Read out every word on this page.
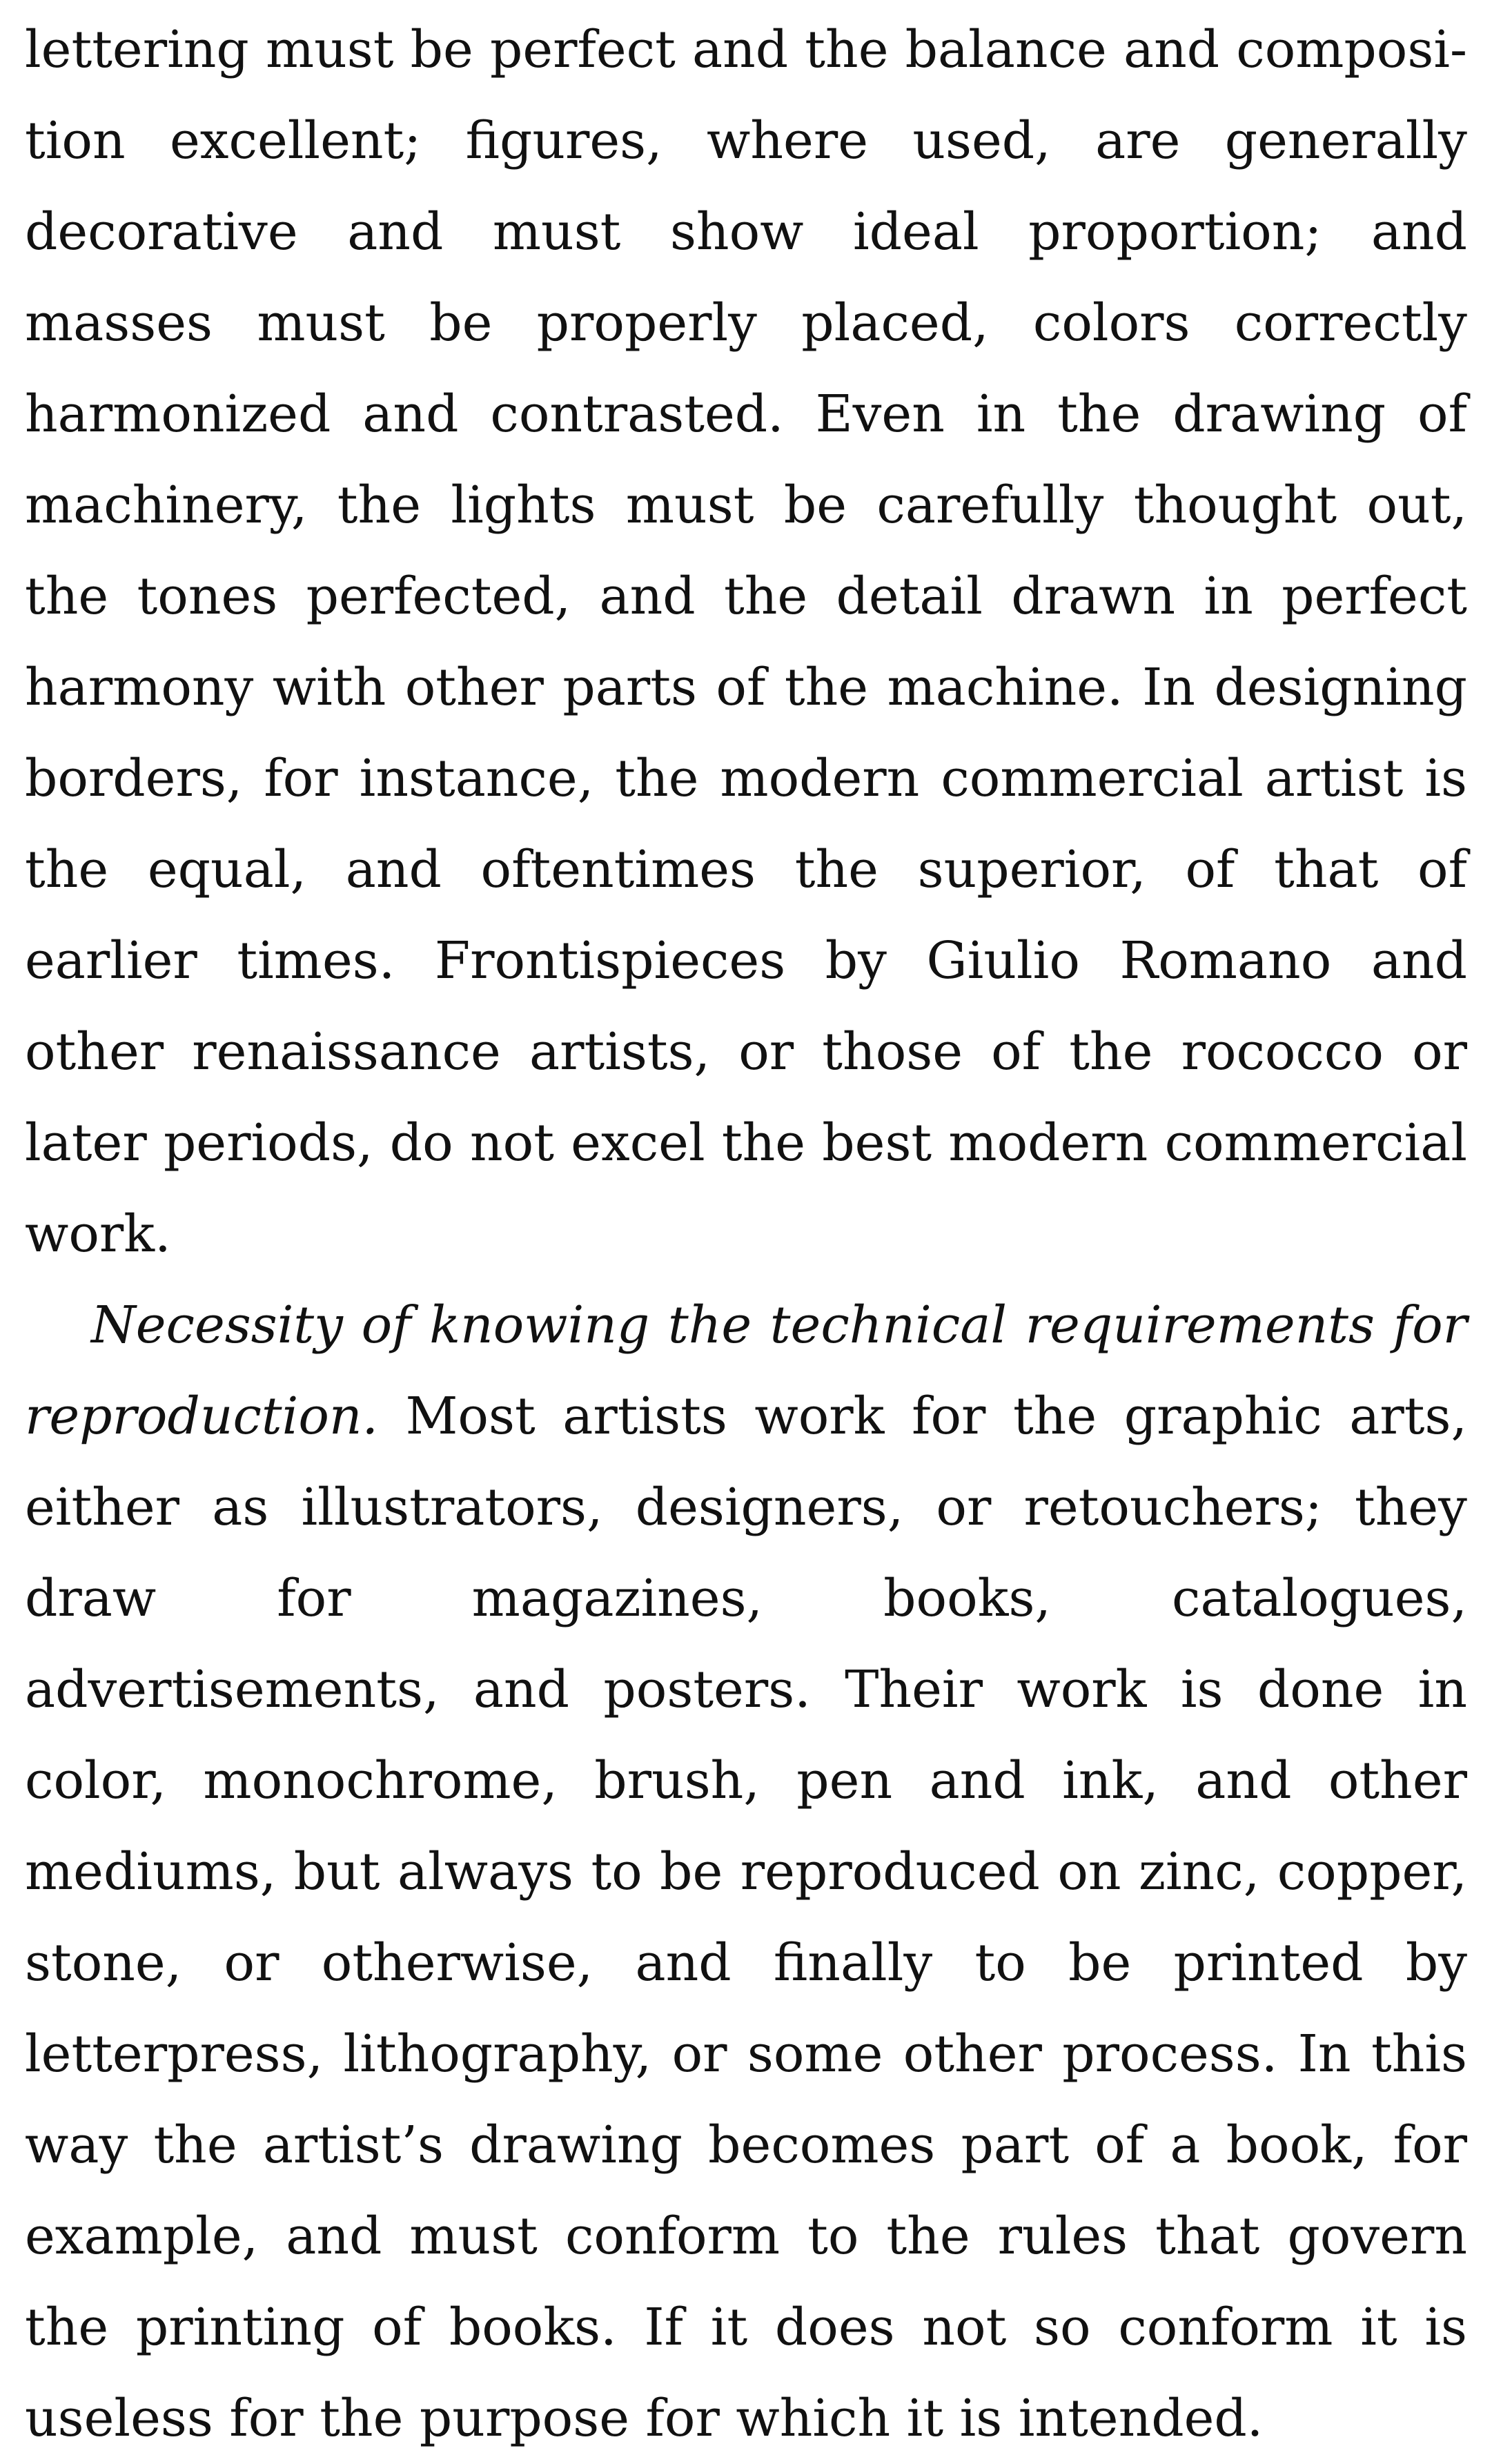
lettering must be perfect and the balance and composition excellent; figures, where used, are generally decorative and must show ideal proportion; and masses must be properly placed, colors correctly harmonized and contrasted. Even in the drawing of machinery, the lights must be carefully thought out, the tones perfected, and the detail drawn in perfect harmony with other parts of the machine. In designing borders, for instance, the modern commercial artist is the equal, and oftentimes the superior, of that of earlier times. Frontispieces by Giulio Romano and other renaissance artists, or those of the rococco or later periods, do not excel the best modern commercial work.

Necessity of knowing the technical requirements for reproduction. Most artists work for the graphic arts, either as illustrators, designers, or retouchers; they draw for magazines, books, catalogues, advertisements, and posters. Their work is done in color, monochrome, brush, pen and ink, and other mediums, but always to be reproduced on zinc, copper, stone, or otherwise, and finally to be printed by letterpress, lithography, or some other process. In this way the artist’s drawing becomes part of a book, for example, and must conform to the rules that govern the printing of books. If it does not so conform it is useless for the purpose for which it is intended.
